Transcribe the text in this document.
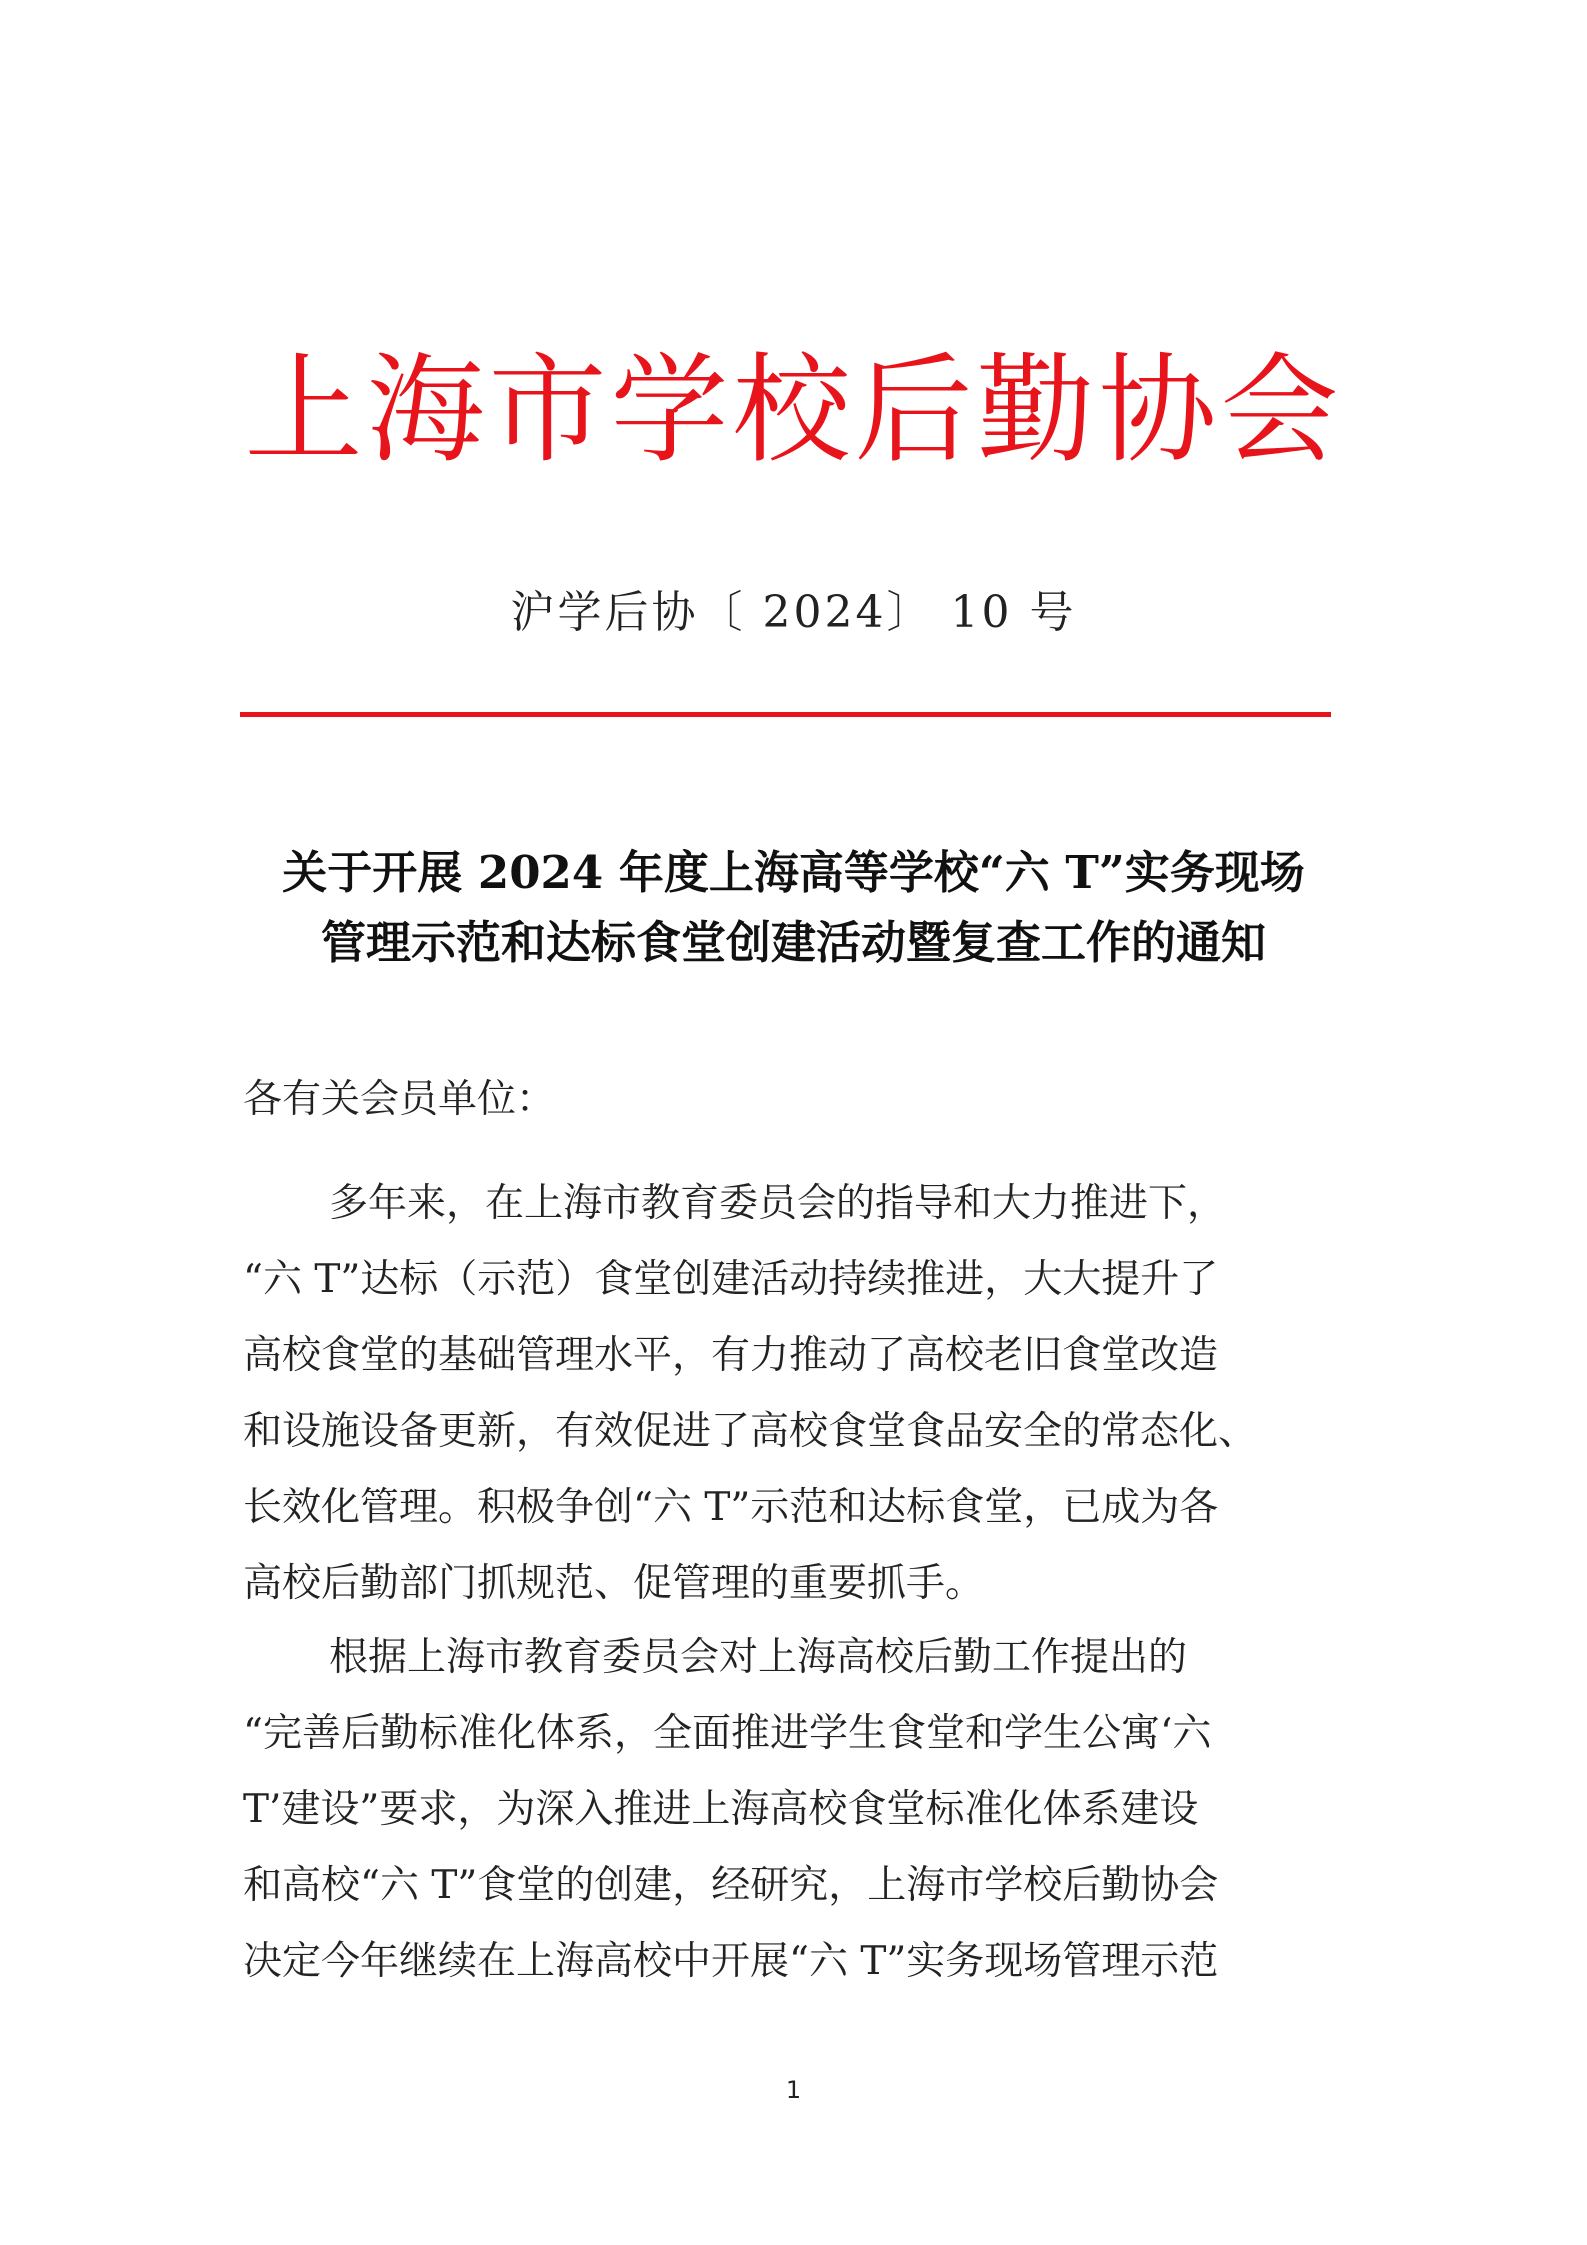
上海市学校后勤协会
沪学后协〔 2024〕 10 号
关于开展 2024 年度上海高等学校“六 T”实务现场
管理示范和达标食堂创建活动暨复查工作的通知
各有关会员单位：
多年来，在上海市教育委员会的指导和大力推进下，
“六 T”达标（示范）食堂创建活动持续推进，大大提升了
高校食堂的基础管理水平，有力推动了高校老旧食堂改造
和设施设备更新，有效促进了高校食堂食品安全的常态化、
长效化管理。积极争创“六 T”示范和达标食堂，已成为各
高校后勤部门抓规范、促管理的重要抓手。
根据上海市教育委员会对上海高校后勤工作提出的
“完善后勤标准化体系，全面推进学生食堂和学生公寓‘六
T’建设”要求，为深入推进上海高校食堂标准化体系建设
和高校“六 T”食堂的创建，经研究，上海市学校后勤协会
决定今年继续在上海高校中开展“六 T”实务现场管理示范
1
